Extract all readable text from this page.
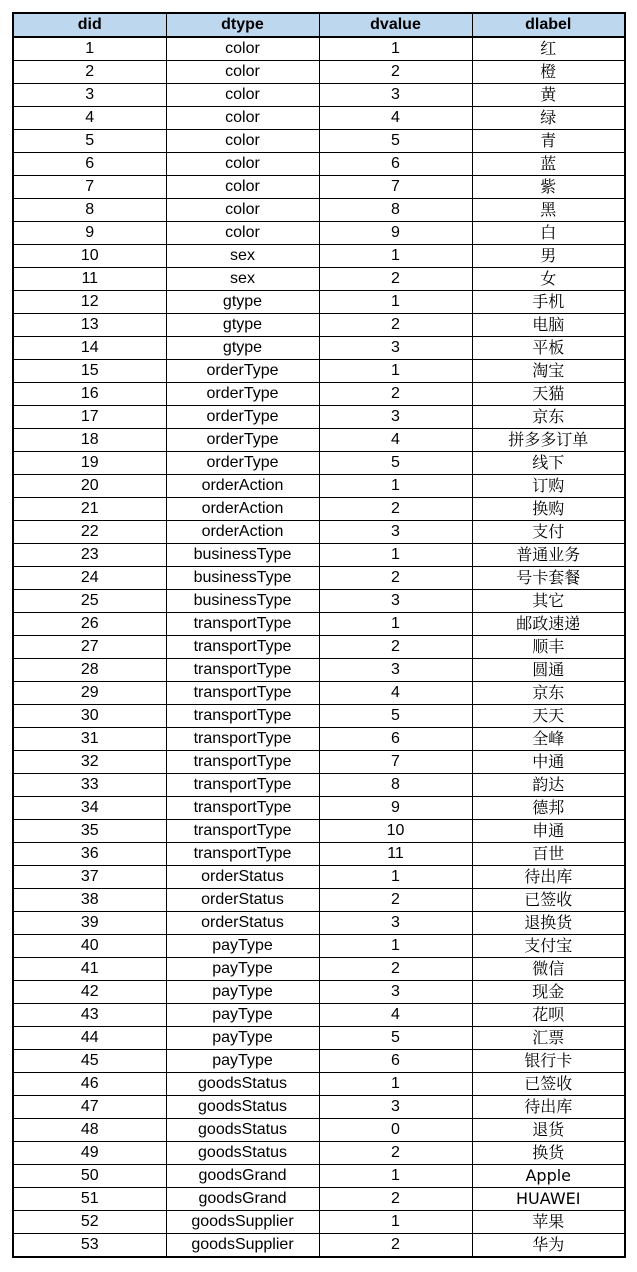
did	dtype	dvalue	dlabel
1	color	1	红
2	color	2	橙
3	color	3	黄
4	color	4	绿
5	color	5	青
6	color	6	蓝
7	color	7	紫
8	color	8	黑
9	color	9	白
10	sex	1	男
11	sex	2	女
12	gtype	1	手机
13	gtype	2	电脑
14	gtype	3	平板
15	orderType	1	淘宝
16	orderType	2	天猫
17	orderType	3	京东
18	orderType	4	拼多多订单
19	orderType	5	线下
20	orderAction	1	订购
21	orderAction	2	换购
22	orderAction	3	支付
23	businessType	1	普通业务
24	businessType	2	号卡套餐
25	businessType	3	其它
26	transportType	1	邮政速递
27	transportType	2	顺丰
28	transportType	3	圆通
29	transportType	4	京东
30	transportType	5	天天
31	transportType	6	全峰
32	transportType	7	中通
33	transportType	8	韵达
34	transportType	9	德邦
35	transportType	10	申通
36	transportType	11	百世
37	orderStatus	1	待出库
38	orderStatus	2	已签收
39	orderStatus	3	退换货
40	payType	1	支付宝
41	payType	2	微信
42	payType	3	现金
43	payType	4	花呗
44	payType	5	汇票
45	payType	6	银行卡
46	goodsStatus	1	已签收
47	goodsStatus	3	待出库
48	goodsStatus	0	退货
49	goodsStatus	2	换货
50	goodsGrand	1	Apple
51	goodsGrand	2	HUAWEI
52	goodsSupplier	1	苹果
53	goodsSupplier	2	华为
